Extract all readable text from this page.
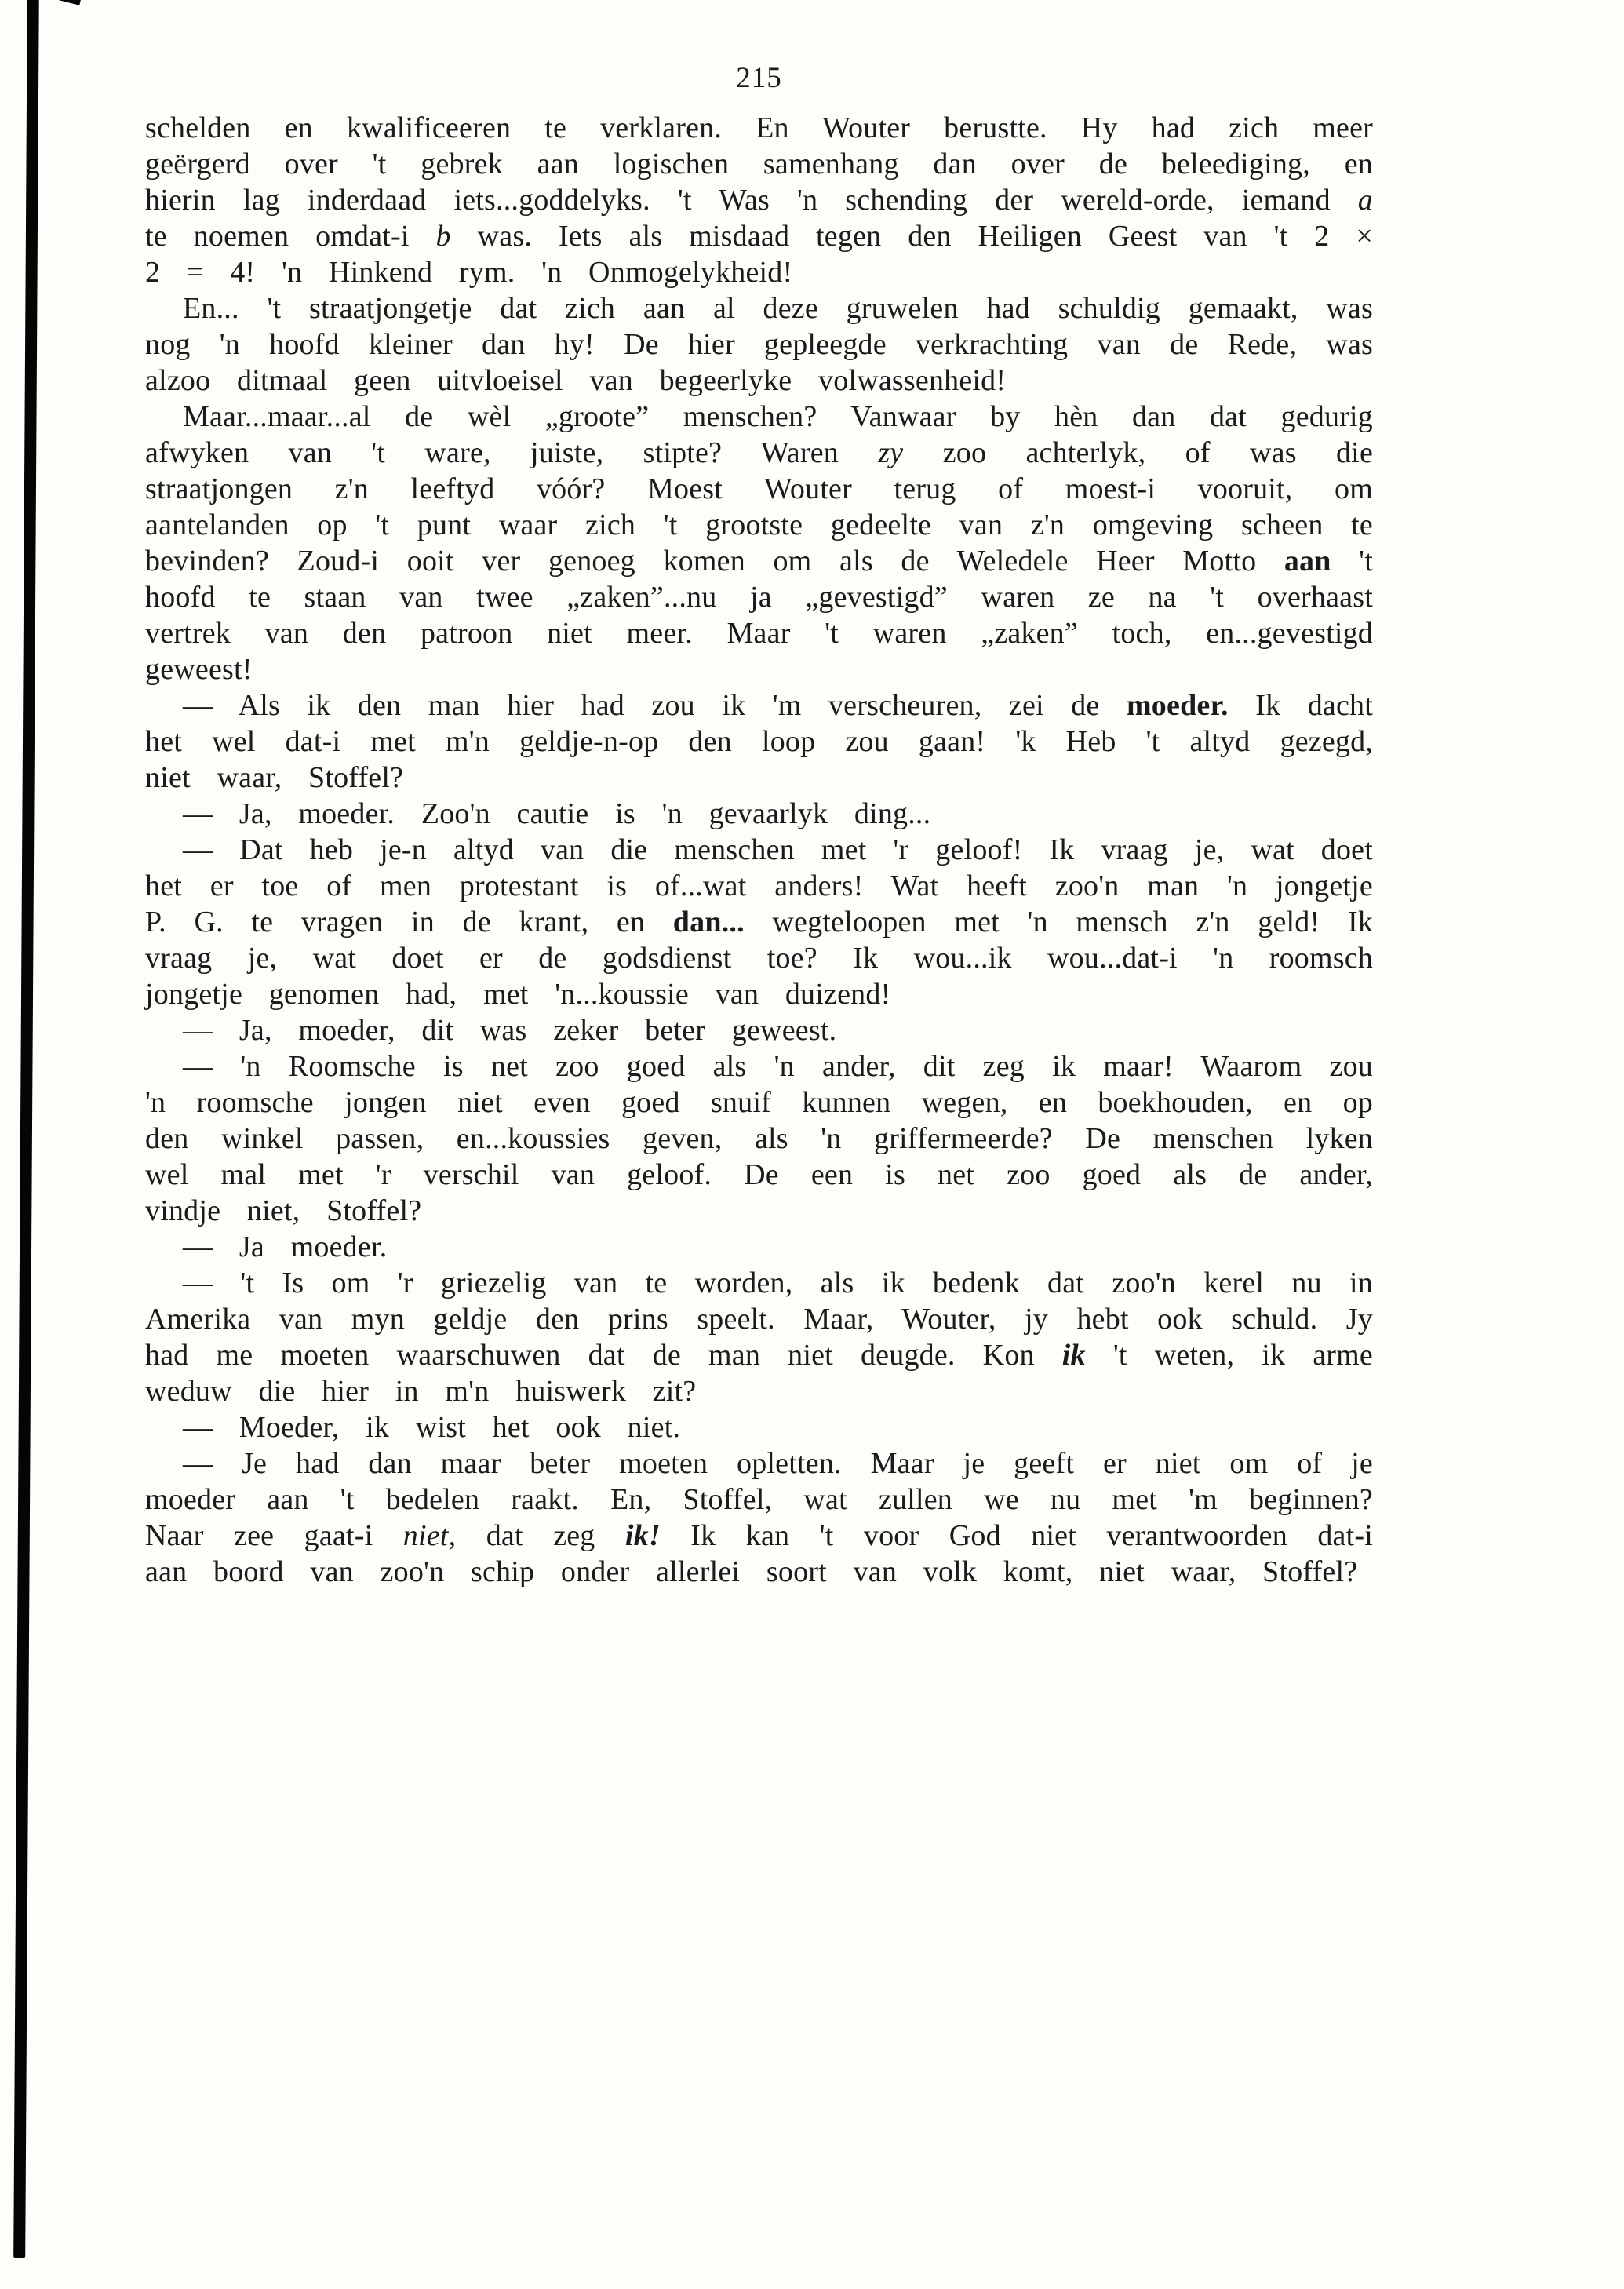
215

schelden en kwalificeeren te verklaren. En Wouter berustte. Hy had zich meer geërgerd over 't gebrek aan logischen samenhang dan over de beleediging, en hierin lag inderdaad iets...goddelyks. 't Was 'n schending der wereld-orde, iemand a te noemen omdat-i b was. Iets als misdaad tegen den Heiligen Geest van 't 2 × 2 = 4! 'n Hinkend rym. 'n Onmogelykheid!

En... 't straatjongetje dat zich aan al deze gruwelen had schuldig gemaakt, was nog 'n hoofd kleiner dan hy! De hier gepleegde verkrachting van de Rede, was alzoo ditmaal geen uitvloeisel van begeerlyke volwassenheid!

Maar...maar...al de wèl „groote” menschen? Vanwaar by hèn dan dat gedurig afwyken van 't ware, juiste, stipte? Waren zy zoo achterlyk, of was die straatjongen z'n leeftyd vóór? Moest Wouter terug of moest-i vooruit, om aantelanden op 't punt waar zich 't grootste gedeelte van z'n omgeving scheen te bevinden? Zoud-i ooit ver genoeg komen om als de Weledele Heer Motto aan 't hoofd te staan van twee „zaken”...nu ja „gevestigd” waren ze na 't overhaast vertrek van den patroon niet meer. Maar 't waren „zaken” toch, en...gevestigd geweest!

— Als ik den man hier had zou ik 'm verscheuren, zei de moeder. Ik dacht het wel dat-i met m'n geldje-n-op den loop zou gaan! 'k Heb 't altyd gezegd, niet waar, Stoffel?

— Ja, moeder. Zoo'n cautie is 'n gevaarlyk ding...

— Dat heb je-n altyd van die menschen met 'r geloof! Ik vraag je, wat doet het er toe of men protestant is of...wat anders! Wat heeft zoo'n man 'n jongetje P. G. te vragen in de krant, en dan... wegteloopen met 'n mensch z'n geld! Ik vraag je, wat doet er de godsdienst toe? Ik wou...ik wou...dat-i 'n roomsch jongetje genomen had, met 'n...koussie van duizend!

— Ja, moeder, dit was zeker beter geweest.

— 'n Roomsche is net zoo goed als 'n ander, dit zeg ik maar! Waarom zou 'n roomsche jongen niet even goed snuif kunnen wegen, en boekhouden, en op den winkel passen, en...koussies geven, als 'n griffermeerde? De menschen lyken wel mal met 'r verschil van geloof. De een is net zoo goed als de ander, vindje niet, Stoffel?

— Ja moeder.

— 't Is om 'r griezelig van te worden, als ik bedenk dat zoo'n kerel nu in Amerika van myn geldje den prins speelt. Maar, Wouter, jy hebt ook schuld. Jy had me moeten waarschuwen dat de man niet deugde. Kon ik 't weten, ik arme weduw die hier in m'n huiswerk zit?

— Moeder, ik wist het ook niet.

— Je had dan maar beter moeten opletten. Maar je geeft er niet om of je moeder aan 't bedelen raakt. En, Stoffel, wat zullen we nu met 'm beginnen? Naar zee gaat-i niet, dat zeg ik! Ik kan 't voor God niet verantwoorden dat-i aan boord van zoo'n schip onder allerlei soort van volk komt, niet waar, Stoffel?
